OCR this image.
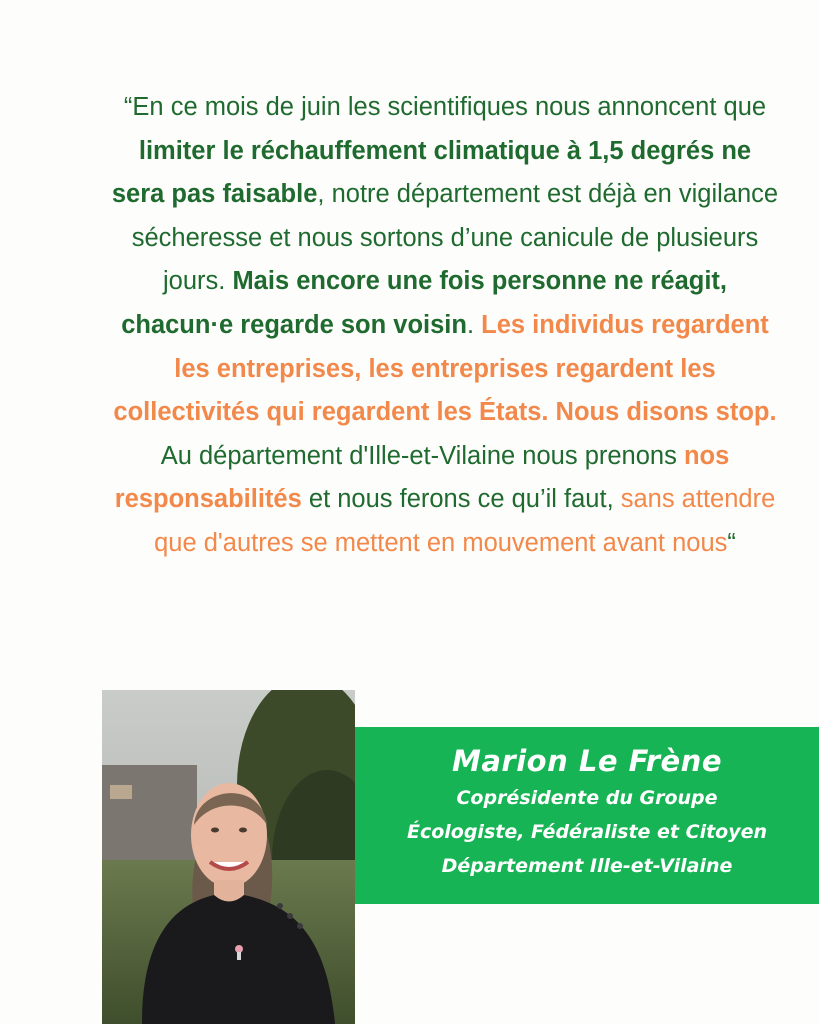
“En ce mois de juin les scientifiques nous annoncent que limiter le réchauffement climatique à 1,5 degrés ne sera pas faisable, notre département est déjà en vigilance sécheresse et nous sortons d’une canicule de plusieurs jours. Mais encore une fois personne ne réagit, chacun·e regarde son voisin. Les individus regardent les entreprises, les entreprises regardent les collectivités qui regardent les États. Nous disons stop. Au département d'Ille-et-Vilaine nous prenons nos responsabilités et nous ferons ce qu’il faut, sans attendre que d'autres se mettent en mouvement avant nous“
Marion Le Frène
Coprésidente du Groupe
Écologiste, Fédéraliste et Citoyen
Département Ille-et-Vilaine
